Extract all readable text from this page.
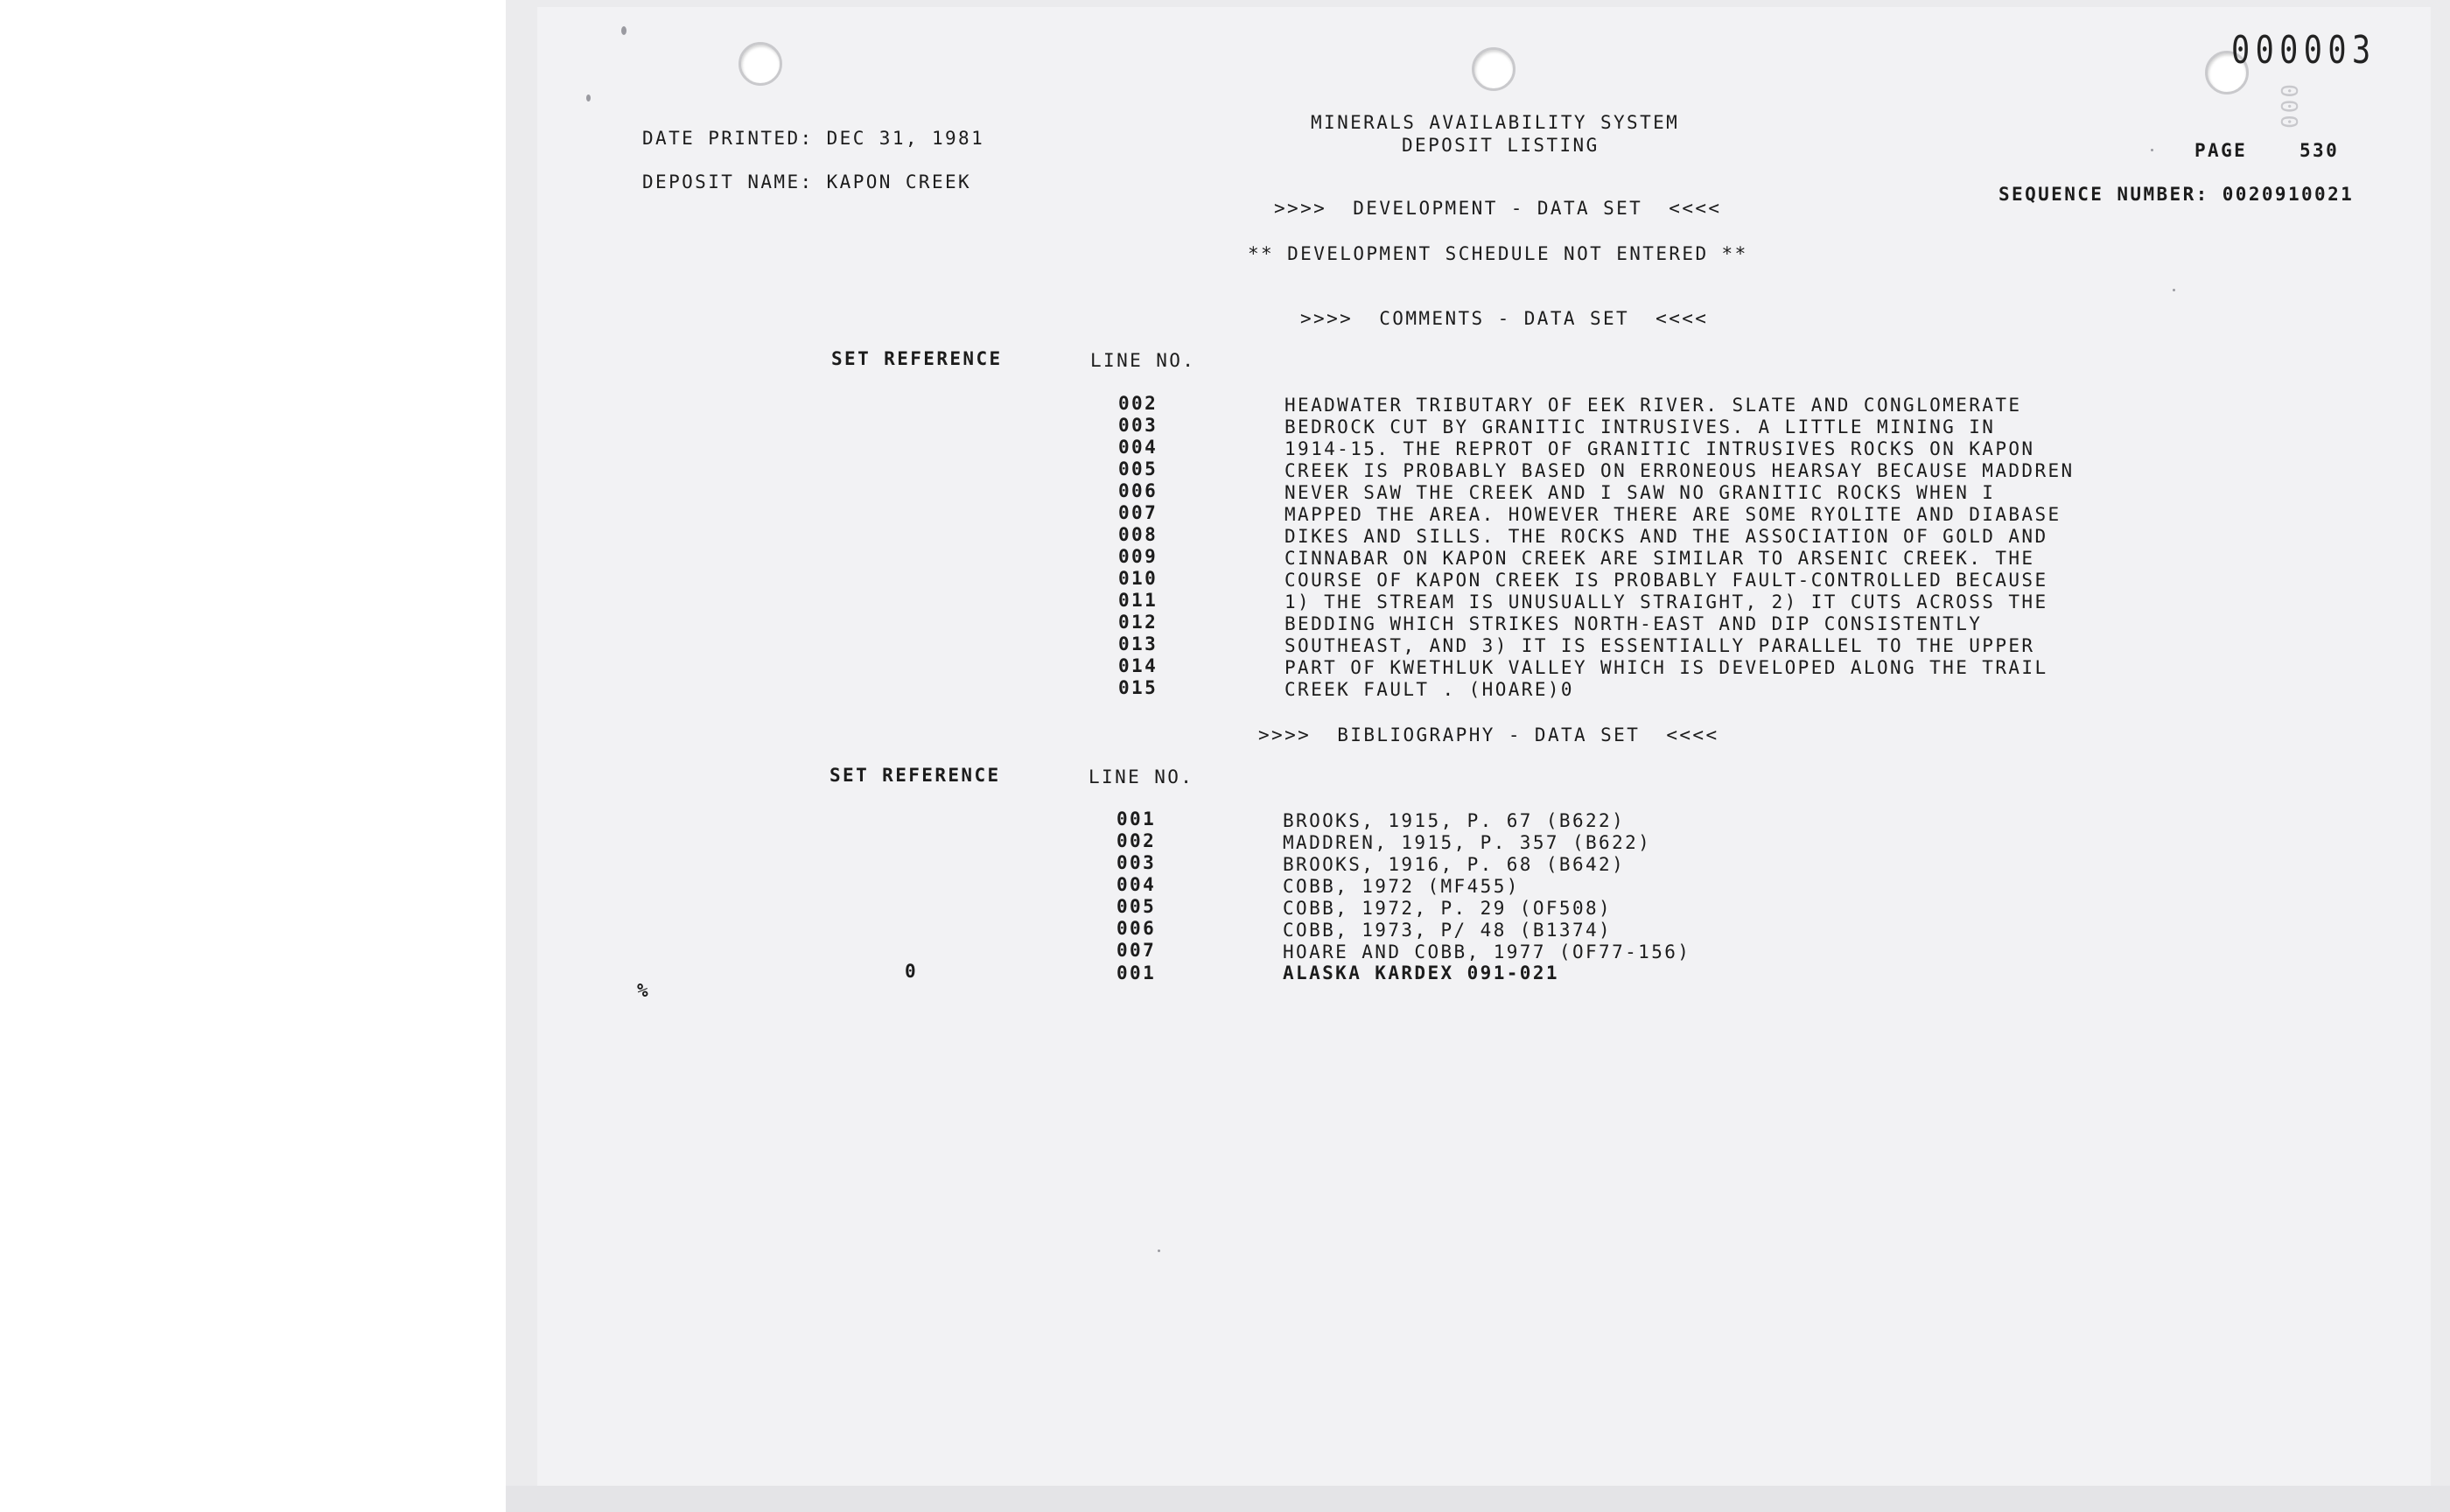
000003
000
DATE PRINTED: DEC 31, 1981
DEPOSIT NAME: KAPON CREEK
MINERALS AVAILABILITY SYSTEM
DEPOSIT LISTING	PAGE	530
SEQUENCE NUMBER: 0020910021
>>>>  DEVELOPMENT - DATA SET  <<<<
** DEVELOPMENT SCHEDULE NOT ENTERED **
>>>>  COMMENTS - DATA SET  <<<<
SET REFERENCE	LINE NO.
002	HEADWATER TRIBUTARY OF EEK RIVER. SLATE AND CONGLOMERATE
003	BEDROCK CUT BY GRANITIC INTRUSIVES. A LITTLE MINING IN
004	1914-15. THE REPROT OF GRANITIC INTRUSIVES ROCKS ON KAPON
005	CREEK IS PROBABLY BASED ON ERRONEOUS HEARSAY BECAUSE MADDREN
006	NEVER SAW THE CREEK AND I SAW NO GRANITIC ROCKS WHEN I
007	MAPPED THE AREA. HOWEVER THERE ARE SOME RYOLITE AND DIABASE
008	DIKES AND SILLS. THE ROCKS AND THE ASSOCIATION OF GOLD AND
009	CINNABAR ON KAPON CREEK ARE SIMILAR TO ARSENIC CREEK. THE
010	COURSE OF KAPON CREEK IS PROBABLY FAULT-CONTROLLED BECAUSE
011	1) THE STREAM IS UNUSUALLY STRAIGHT, 2) IT CUTS ACROSS THE
012	BEDDING WHICH STRIKES NORTH-EAST AND DIP CONSISTENTLY
013	SOUTHEAST, AND 3) IT IS ESSENTIALLY PARALLEL TO THE UPPER
014	PART OF KWETHLUK VALLEY WHICH IS DEVELOPED ALONG THE TRAIL
015	CREEK FAULT . (HOARE)0
>>>>  BIBLIOGRAPHY - DATA SET  <<<<
SET REFERENCE	LINE NO.
001	BROOKS, 1915, P. 67 (B622)
002	MADDREN, 1915, P. 357 (B622)
003	BROOKS, 1916, P. 68 (B642)
004	COBB, 1972 (MF455)
005	COBB, 1972, P. 29 (OF508)
006	COBB, 1973, P/ 48 (B1374)
007	HOARE AND COBB, 1977 (OF77-156)
0	001	ALASKA KARDEX 091-021
%
